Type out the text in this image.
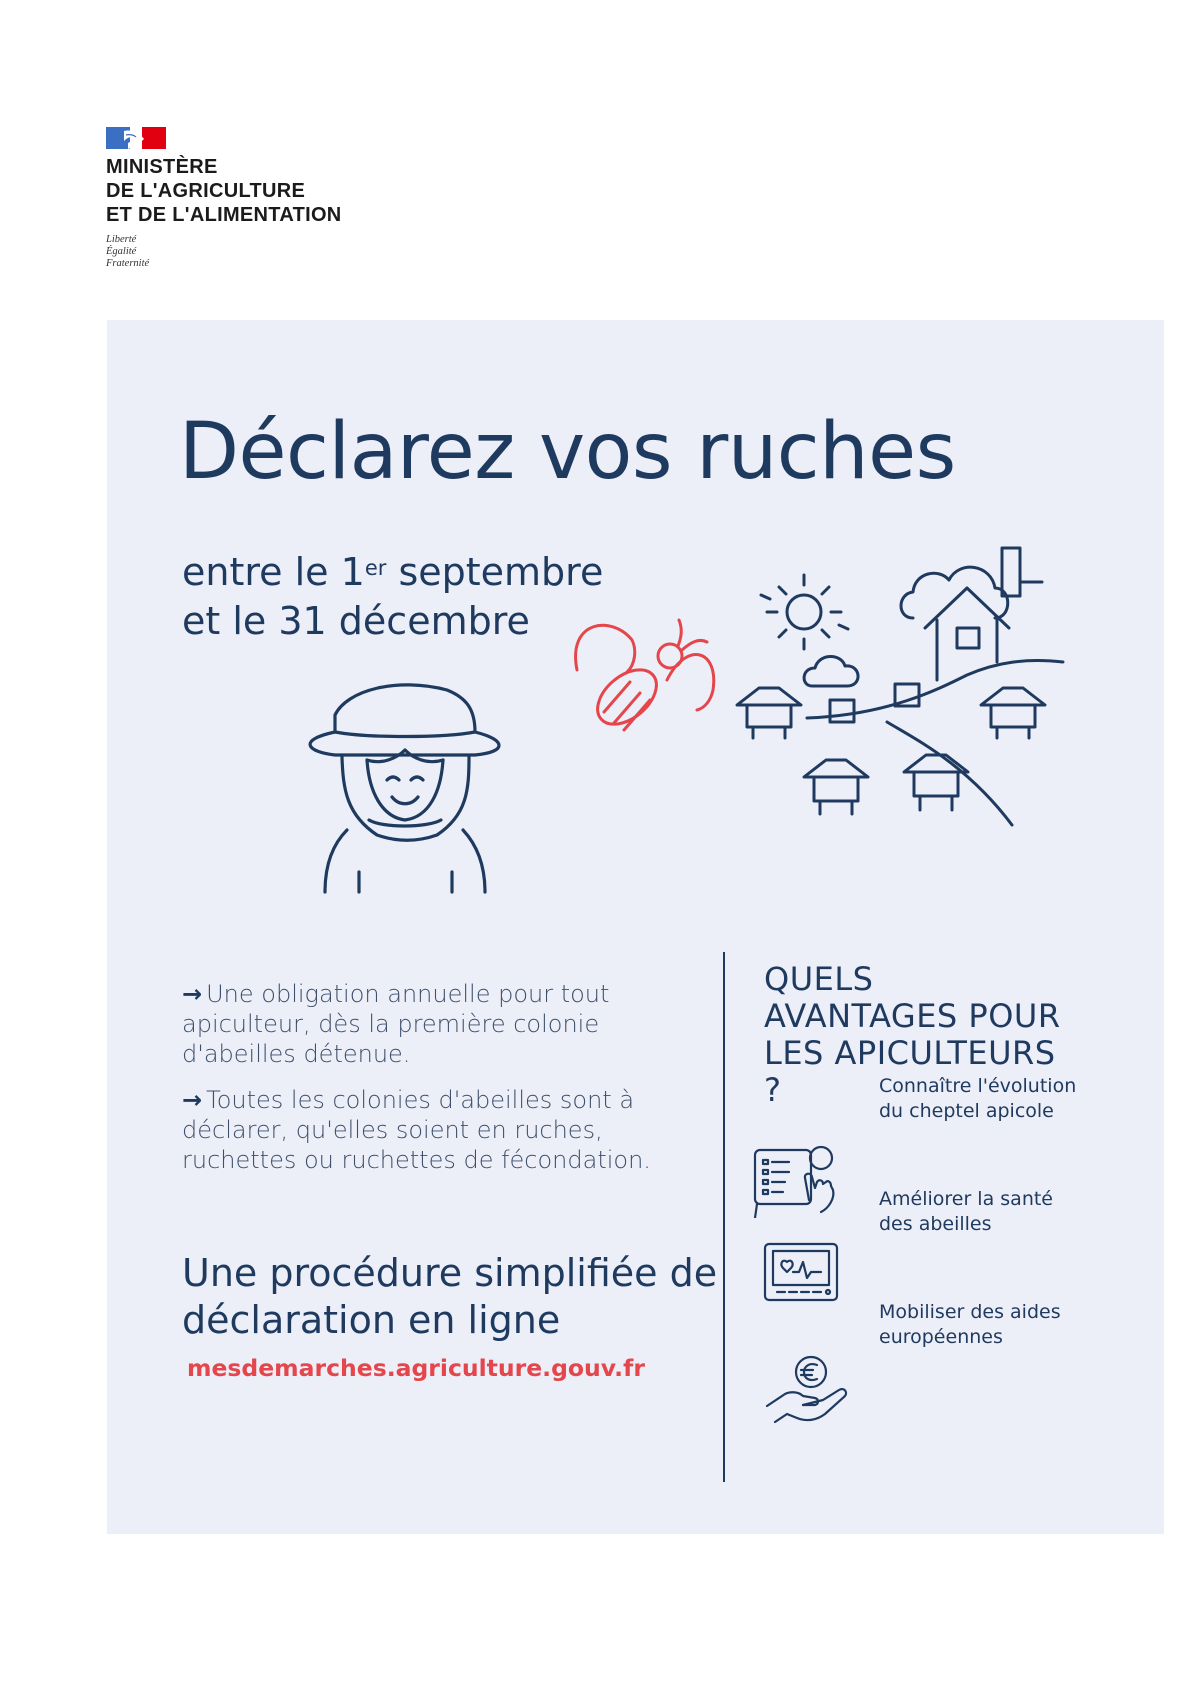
MINISTÈRE
DE L'AGRICULTURE
ET DE L'ALIMENTATION
Liberté
Égalité
Fraternité
Déclarez vos ruches
entre le 1er septembre
et le 31 décembre

→ Une obligation annuelle pour tout apiculteur, dès la première colonie d'abeilles détenue.

→ Toutes les colonies d'abeilles sont à déclarer, qu'elles soient en ruches, ruchettes ou ruchettes de fécondation.

Une procédure simplifiée de déclaration en ligne
mesdemarches.agriculture.gouv.fr
QUELS AVANTAGES POUR LES APICULTEURS ?	Connaître l'évolution du cheptel apicole
Améliorer la santé des abeilles
Mobiliser des aides européennes
